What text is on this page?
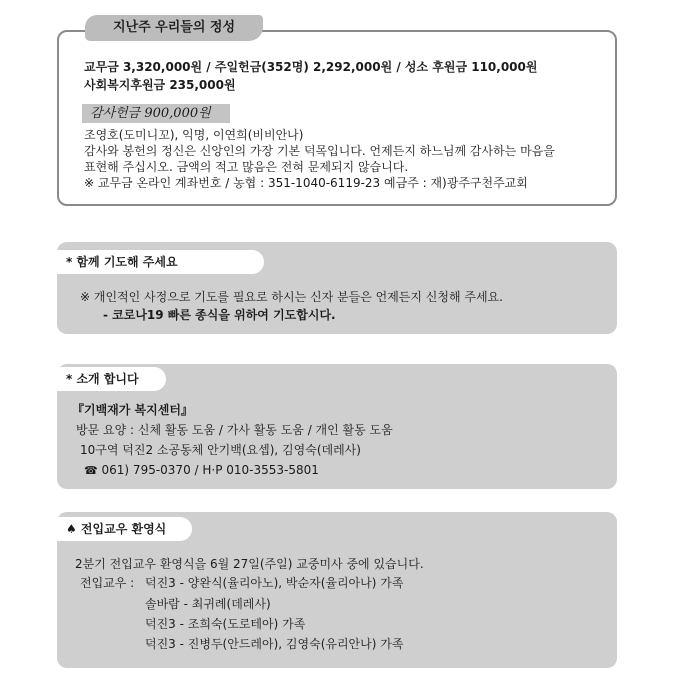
지난주 우리들의 정성
교무금 3,320,000원 / 주일헌금(352명) 2,292,000원 / 성소 후원금 110,000원
사회복지후원금 235,000원
감사헌금 900,000원
조영호(도미니꼬), 익명, 이연희(비비안나)
감사와 봉헌의 정신은 신앙인의 가장 기본 덕목입니다. 언제든지 하느님께 감사하는 마음을
표현해 주십시오. 금액의 적고 많음은 전혀 문제되지 않습니다.
※ 교무금 온라인 계좌번호 / 농협 : 351-1040-6119-23 예금주 : 재)광주구천주교회
* 함께 기도해 주세요
※ 개인적인 사정으로 기도를 필요로 하시는 신자 분들은 언제든지 신청해 주세요.
- 코로나19 빠른 종식을 위하여 기도합시다.
* 소개 합니다
『기백재가 복지센터』
방문 요양 : 신체 활동 도움 / 가사 활동 도움 / 개인 활동 도움
10구역 덕진2 소공동체 안기백(요셉), 김영숙(데레사)
☎ 061) 795-0370 / H·P 010-3553-5801
♠ 전입교우 환영식
2분기 전입교우 환영식을 6월 27일(주일) 교중미사 중에 있습니다.
전입교우 : 덕진3 - 양완식(율리아노), 박순자(율리아나) 가족
솔바람 - 최귀례(데레사)
덕진3 - 조희숙(도로테아) 가족
덕진3 - 진병두(안드레아), 김영숙(유리안나) 가족
